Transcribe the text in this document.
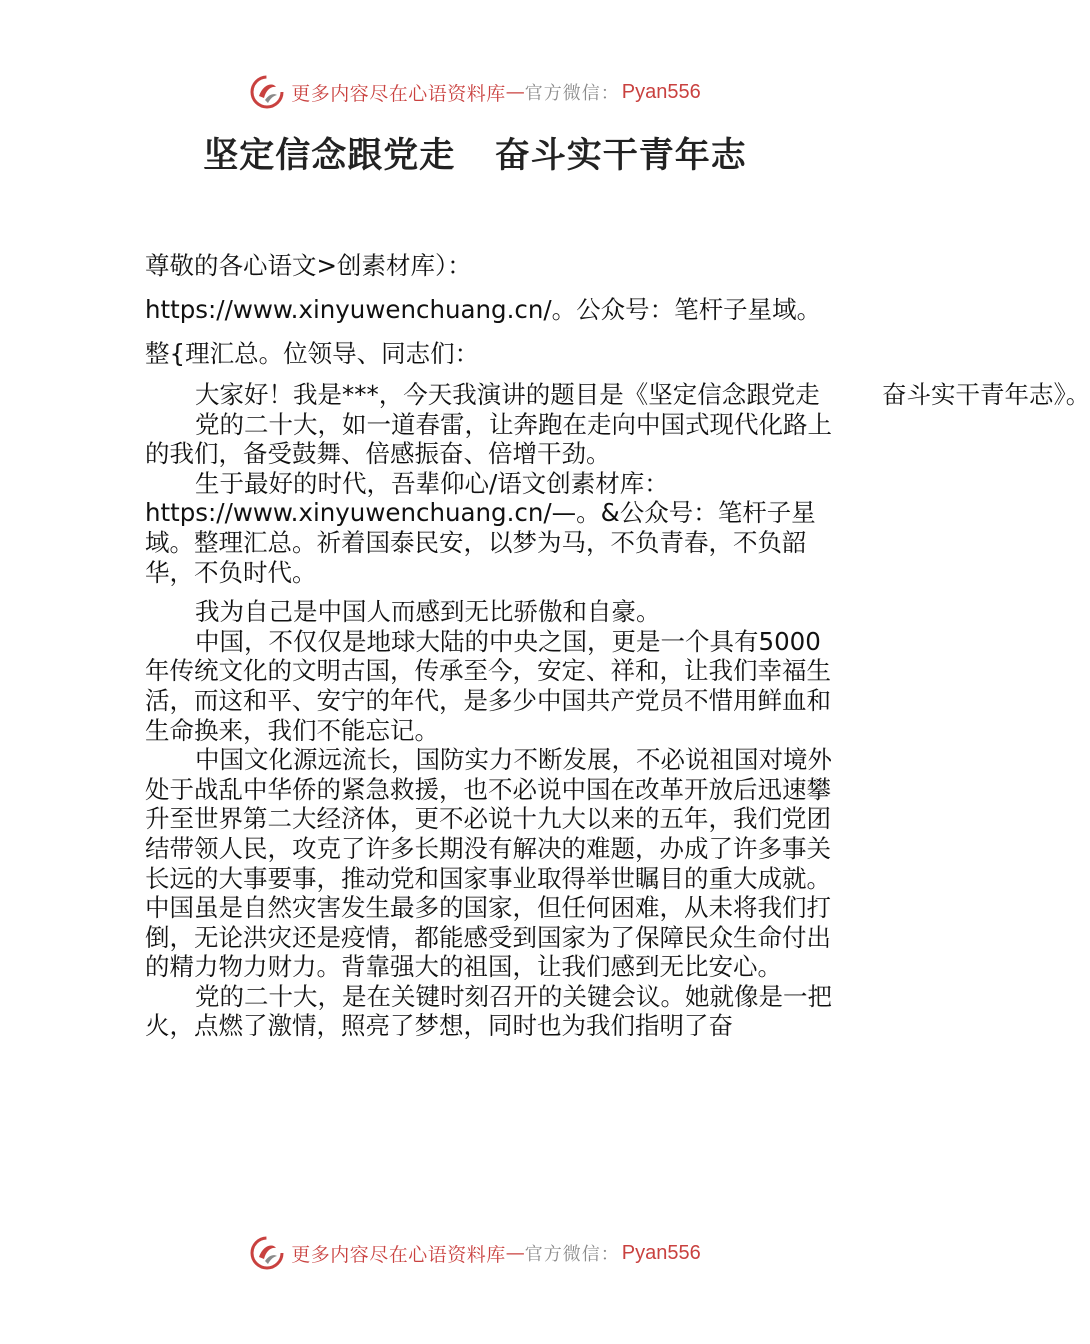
更多内容尽在心语资料库 — 官方微信： Pyan556
坚定信念跟党走   奋斗实干青年志

尊敬的各心语文>创素材库）：https://www.xinyuwenchuang.cn/。公众号：笔杆子星域。整{理汇总。位领导、同志们：

大家好！我是***，今天我演讲的题目是《坚定信念跟党走        奋斗实干青年志》。

党的二十大，如一道春雷，让奔跑在走向中国式现代化路上的我们，备受鼓舞、倍感振奋、倍增干劲。

生于最好的时代，吾辈仰心/语文创素材库：https://www.xinyuwenchuang.cn/—。&公众号：笔杆子星域。整理汇总。祈着国泰民安，以梦为马，不负青春，不负韶华，不负时代。

我为自己是中国人而感到无比骄傲和自豪。

中国，不仅仅是地球大陆的中央之国，更是一个具有5000年传统文化的文明古国，传承至今，安定、祥和，让我们幸福生活，而这和平、安宁的年代，是多少中国共产党员不惜用鲜血和生命换来，我们不能忘记。

中国文化源远流长，国防实力不断发展，不必说祖国对境外处于战乱中华侨的紧急救援，也不必说中国在改革开放后迅速攀升至世界第二大经济体，更不必说十九大以来的五年，我们党团结带领人民，攻克了许多长期没有解决的难题，办成了许多事关长远的大事要事，推动党和国家事业取得举世瞩目的重大成就。中国虽是自然灾害发生最多的国家，但任何困难，从未将我们打倒，无论洪灾还是疫情，都能感受到国家为了保障民众生命付出的精力物力财力。背靠强大的祖国，让我们感到无比安心。

党的二十大，是在关键时刻召开的关键会议。她就像是一把火，点燃了激情，照亮了梦想，同时也为我们指明了奋

更多内容尽在心语资料库 — 官方微信： Pyan556
